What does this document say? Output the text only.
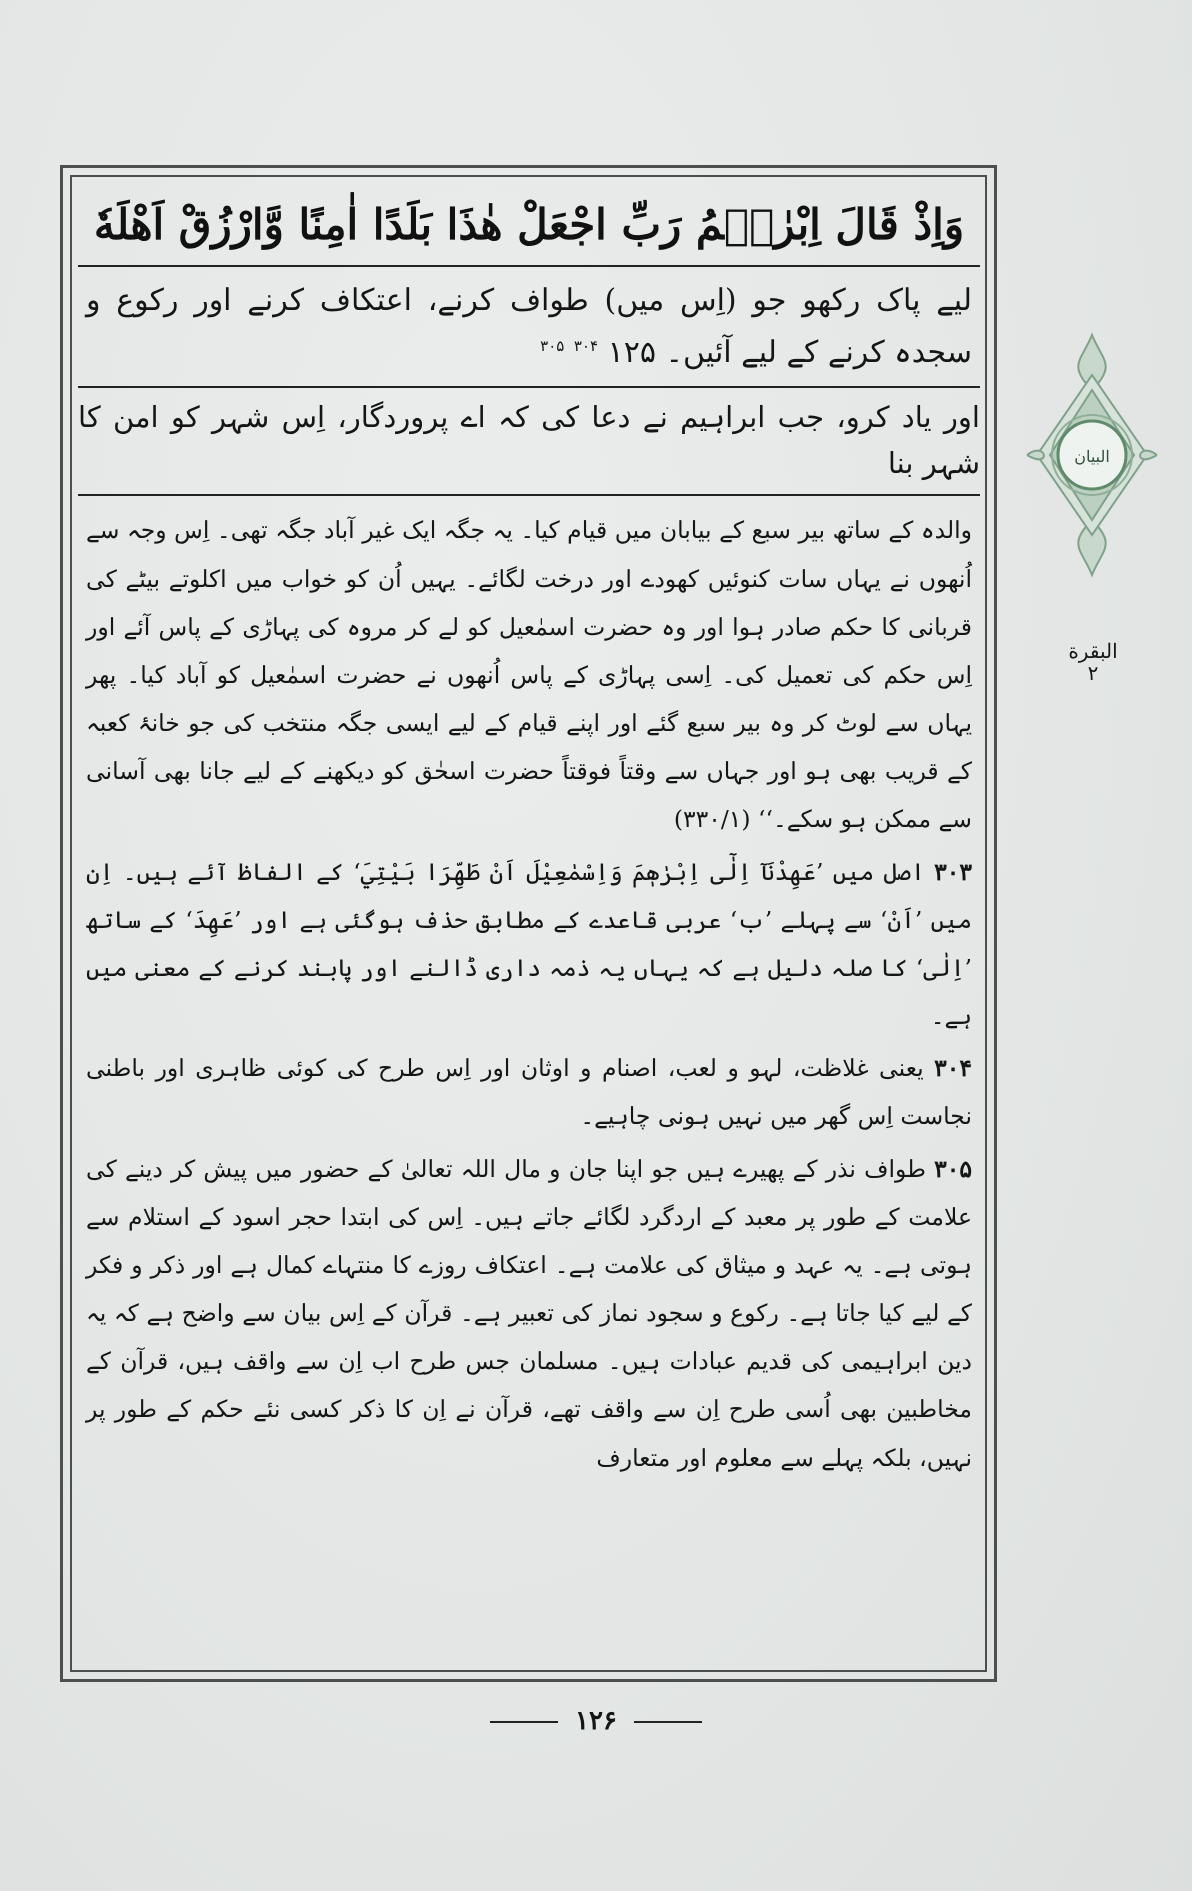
وَاِذْ قَالَ اِبْرٰهٖمُ رَبِّ اجْعَلْ هٰذَا بَلَدًا اٰمِنًا وَّارْزُقْ اَهْلَهٗ
لیے پاک رکھو جو (اِس میں) طواف کرنے، اعتکاف کرنے اور رکوع و سجدہ کرنے کے لیے آئیں۔ ۱۲۵ $^{۳۰۴}$ $^{۳۰۵}$
اور یاد کرو، جب ابراہیم نے دعا کی کہ اے پروردگار، اِس شہر کو امن کا شہر بنا

والدہ کے ساتھ بیر سبع کے بیابان میں قیام کیا۔ یہ جگہ ایک غیر آباد جگہ تھی۔ اِس وجہ سے اُنھوں نے یہاں سات کنوئیں کھودے اور درخت لگائے۔ یہیں اُن کو خواب میں اکلوتے بیٹے کی قربانی کا حکم صادر ہوا اور وہ حضرت اسمٰعیل کو لے کر مروہ کی پہاڑی کے پاس آئے اور اِس حکم کی تعمیل کی۔ اِسی پہاڑی کے پاس اُنھوں نے حضرت اسمٰعیل کو آباد کیا۔ پھر یہاں سے لوٹ کر وہ بیر سبع گئے اور اپنے قیام کے لیے ایسی جگہ منتخب کی جو خانۂ کعبہ کے قریب بھی ہو اور جہاں سے وقتاً فوقتاً حضرت اسحٰق کو دیکھنے کے لیے جانا بھی آسانی سے ممکن ہو سکے۔‘‘ (۳۳۰/۱)

۳۰۳ اصل میں ’عَهِدْنَآ اِلٰٓى اِبْرٰهٖمَ وَاِسْمٰعِيْلَ اَنْ طَهِّرَا بَيْتِيَ‘ کے الفاظ آئے ہیں۔ اِن میں ’اَنْ‘ سے پہلے ’ب‘ عربی قاعدے کے مطابق حذف ہوگئی ہے اور ’عَهِدَ‘ کے ساتھ ’اِلٰى‘ کا صلہ دلیل ہے کہ یہاں یہ ذمہ داری ڈالنے اور پابند کرنے کے معنی میں ہے۔

۳۰۴ یعنی غلاظت، لہو و لعب، اصنام و اوثان اور اِس طرح کی کوئی ظاہری اور باطنی نجاست اِس گھر میں نہیں ہونی چاہیے۔

۳۰۵ طواف نذر کے پھیرے ہیں جو اپنا جان و مال اللہ تعالیٰ کے حضور میں پیش کر دینے کی علامت کے طور پر معبد کے اردگرد لگائے جاتے ہیں۔ اِس کی ابتدا حجر اسود کے استلام سے ہوتی ہے۔ یہ عہد و میثاق کی علامت ہے۔ اعتکاف روزے کا منتہاے کمال ہے اور ذکر و فکر کے لیے کیا جاتا ہے۔ رکوع و سجود نماز کی تعبیر ہے۔ قرآن کے اِس بیان سے واضح ہے کہ یہ دین ابراہیمی کی قدیم عبادات ہیں۔ مسلمان جس طرح اب اِن سے واقف ہیں، قرآن کے مخاطبین بھی اُسی طرح اِن سے واقف تھے، قرآن نے اِن کا ذکر کسی نئے حکم کے طور پر نہیں، بلکہ پہلے سے معلوم اور متعارف

البیان
البقرة
۲
۱۲۶
